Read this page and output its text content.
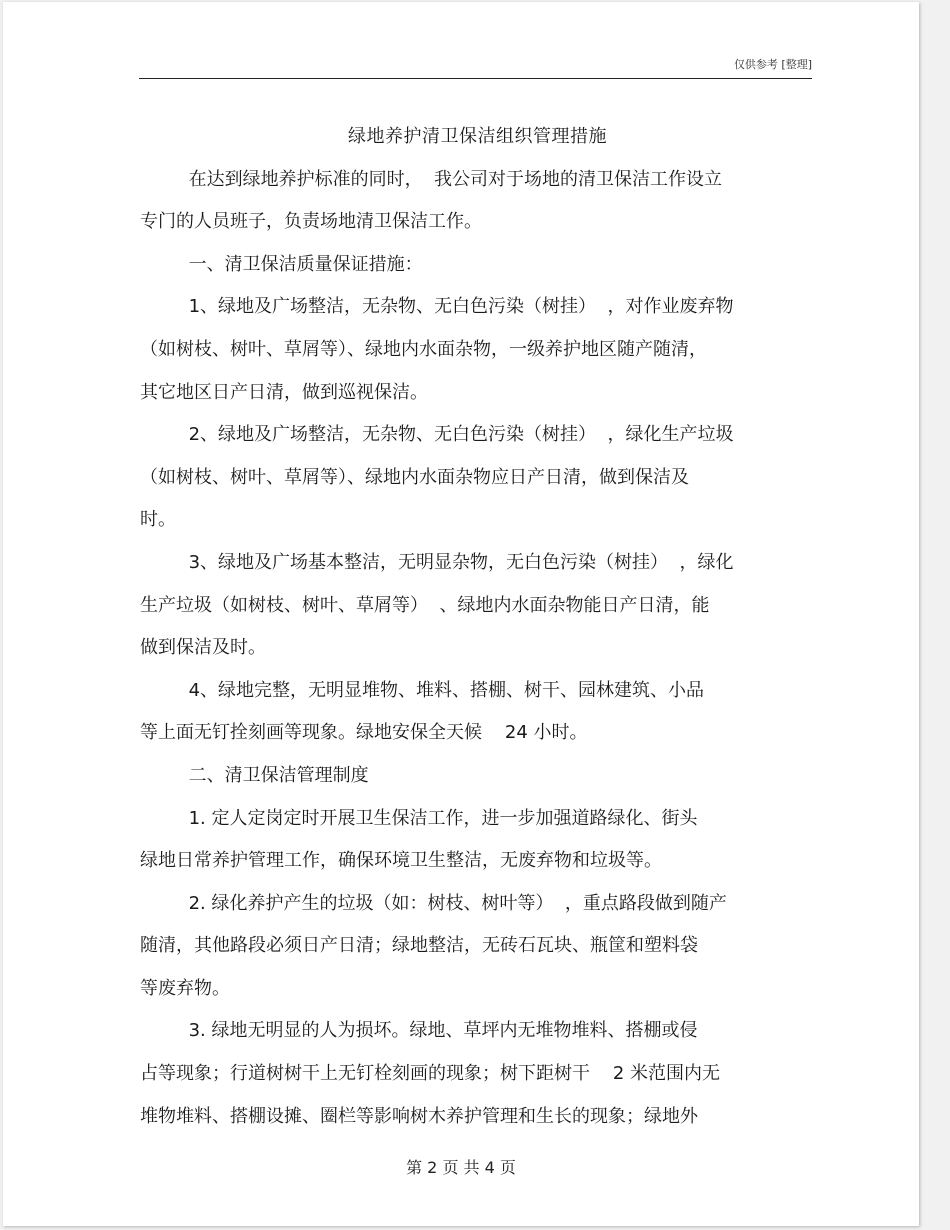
仅供参考 [整理]

绿地养护清卫保洁组织管理措施

在达到绿地养护标准的同时，  我公司对于场地的清卫保洁工作设立

专门的人员班子，负责场地清卫保洁工作。

一、清卫保洁质量保证措施：

1、绿地及广场整洁，无杂物、无白色污染（树挂）  ，对作业废弃物

（如树枝、树叶、草屑等）、绿地内水面杂物，一级养护地区随产随清，

其它地区日产日清，做到巡视保洁。

2、绿地及广场整洁，无杂物、无白色污染（树挂）  ，绿化生产垃圾

（如树枝、树叶、草屑等）、绿地内水面杂物应日产日清，做到保洁及

时。

3、绿地及广场基本整洁，无明显杂物，无白色污染（树挂）  ，绿化

生产垃圾（如树枝、树叶、草屑等）  、绿地内水面杂物能日产日清，能

做到保洁及时。

4、绿地完整，无明显堆物、堆料、搭棚、树干、园林建筑、小品

等上面无钉拴刻画等现象。绿地安保全天候    24 小时。

二、清卫保洁管理制度

1. 定人定岗定时开展卫生保洁工作，进一步加强道路绿化、街头

绿地日常养护管理工作，确保环境卫生整洁，无废弃物和垃圾等。

2. 绿化养护产生的垃圾（如：树枝、树叶等）  ，重点路段做到随产

随清，其他路段必须日产日清；绿地整洁，无砖石瓦块、瓶筐和塑料袋

等废弃物。

3. 绿地无明显的人为损坏。绿地、草坪内无堆物堆料、搭棚或侵

占等现象；行道树树干上无钉栓刻画的现象；树下距树干    2 米范围内无

堆物堆料、搭棚设摊、圈栏等影响树木养护管理和生长的现象；绿地外

第 2 页 共 4 页
